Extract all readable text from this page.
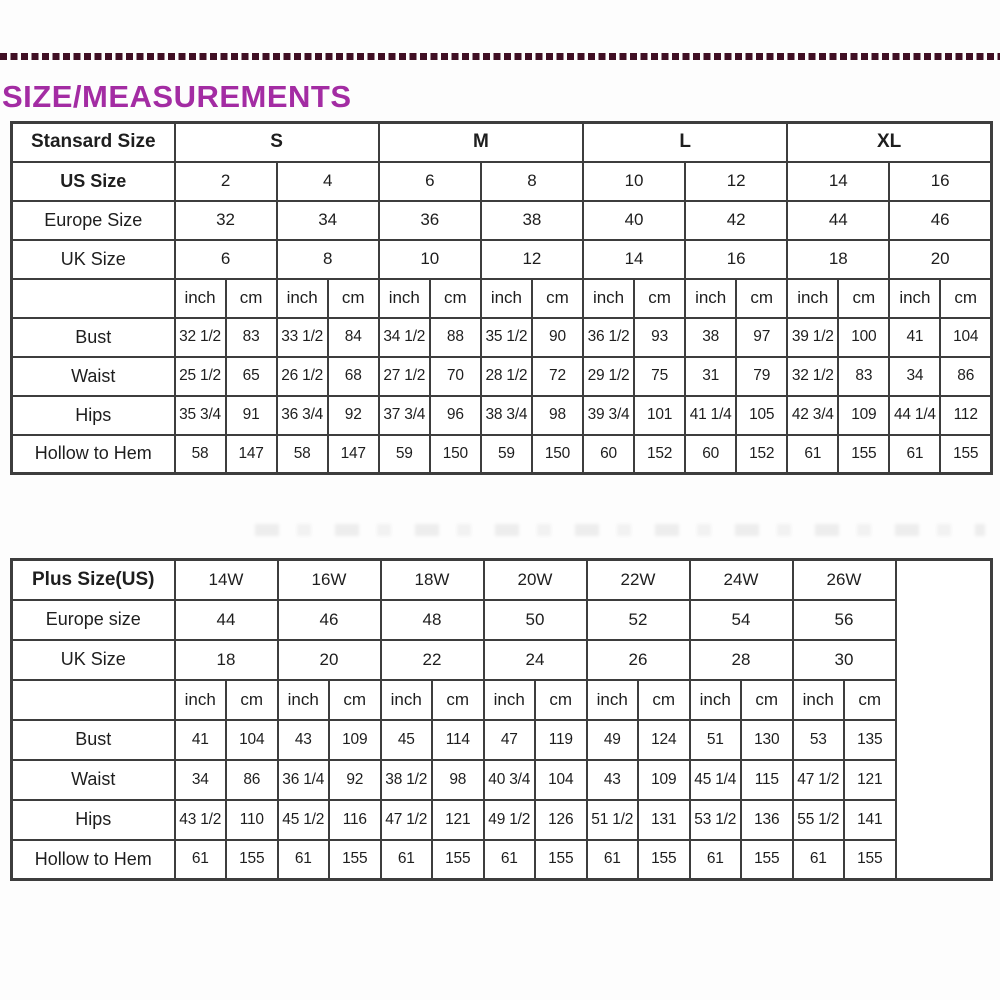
SIZE/MEASUREMENTS
Stansard Size	S				M				L				XL			
US Size	2		4		6		8		10		12		14		16	
Europe Size	32		34		36		38		40		42		44		46	
UK Size	6		8		10		12		14		16		18		20	
	inch	cm	inch	cm	inch	cm	inch	cm	inch	cm	inch	cm	inch	cm	inch	cm
Bust	32 1/2	83	33 1/2	84	34 1/2	88	35 1/2	90	36 1/2	93	38	97	39 1/2	100	41	104
Waist	25 1/2	65	26 1/2	68	27 1/2	70	28 1/2	72	29 1/2	75	31	79	32 1/2	83	34	86
Hips	35 3/4	91	36 3/4	92	37 3/4	96	38 3/4	98	39 3/4	101	41 1/4	105	42 3/4	109	44 1/4	112
Hollow to Hem	58	147	58	147	59	150	59	150	60	152	60	152	61	155	61	155
Plus Size(US)	14W		16W		18W		20W		22W		24W		26W		
Europe size	44		46		48		50		52		54		56		
UK Size	18		20		22		24		26		28		30		
	inch	cm	inch	cm	inch	cm	inch	cm	inch	cm	inch	cm	inch	cm	
Bust	41	104	43	109	45	114	47	119	49	124	51	130	53	135	
Waist	34	86	36 1/4	92	38 1/2	98	40 3/4	104	43	109	45 1/4	115	47 1/2	121	
Hips	43 1/2	110	45 1/2	116	47 1/2	121	49 1/2	126	51 1/2	131	53 1/2	136	55 1/2	141	
Hollow to Hem	61	155	61	155	61	155	61	155	61	155	61	155	61	155	
